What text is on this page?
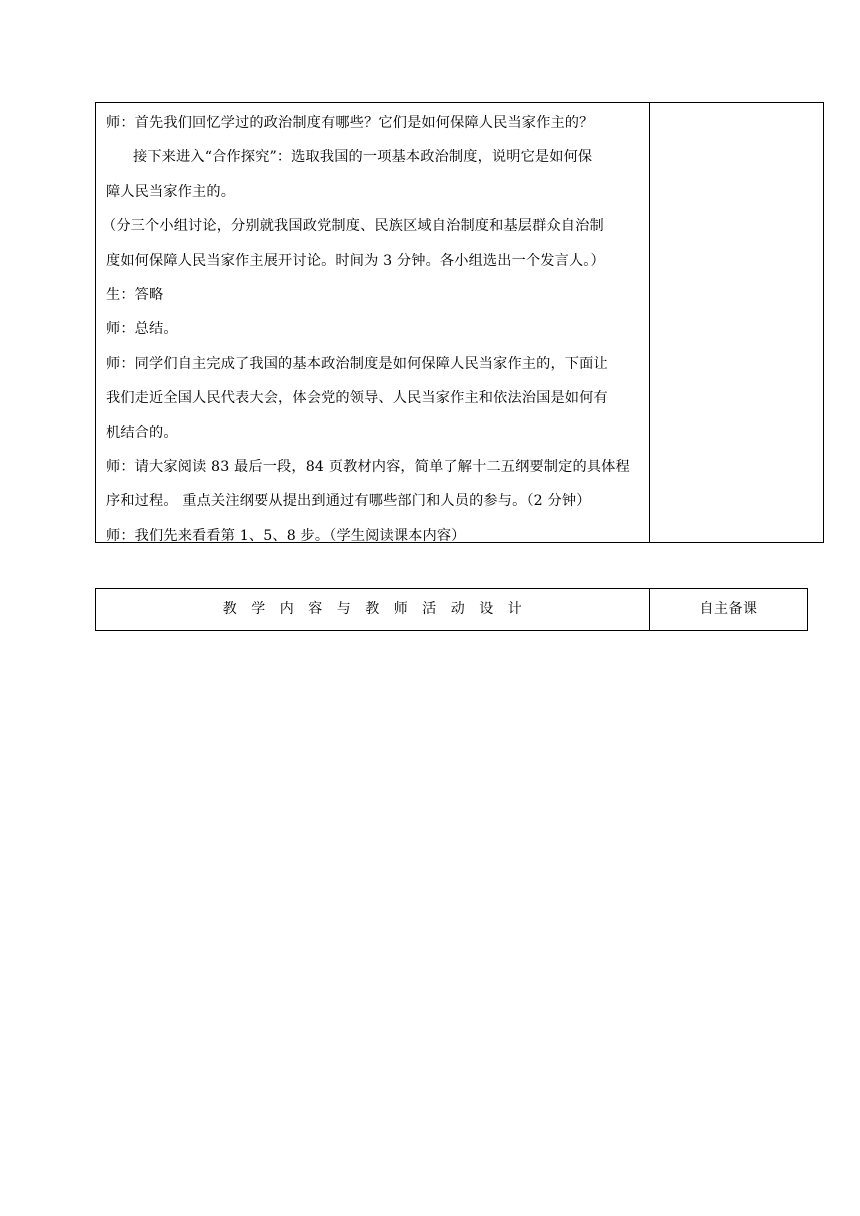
师：首先我们回忆学过的政治制度有哪些？它们是如何保障人民当家作主的？
接下来进入“合作探究”：选取我国的一项基本政治制度，说明它是如何保
障人民当家作主的。
（分三个小组讨论，分别就我国政党制度、民族区域自治制度和基层群众自治制
度如何保障人民当家作主展开讨论。时间为 3 分钟。各小组选出一个发言人。）
生：答略
师：总结。
师：同学们自主完成了我国的基本政治制度是如何保障人民当家作主的，下面让
我们走近全国人民代表大会，体会党的领导、人民当家作主和依法治国是如何有
机结合的。
师：请大家阅读 83 最后一段，84 页教材内容，简单了解十二五纲要制定的具体程
序和过程。 重点关注纲要从提出到通过有哪些部门和人员的参与。（2 分钟）
师：我们先来看看第 1、5、8 步。（学生阅读课本内容）
教学内容与教师活动设计	自主备课
